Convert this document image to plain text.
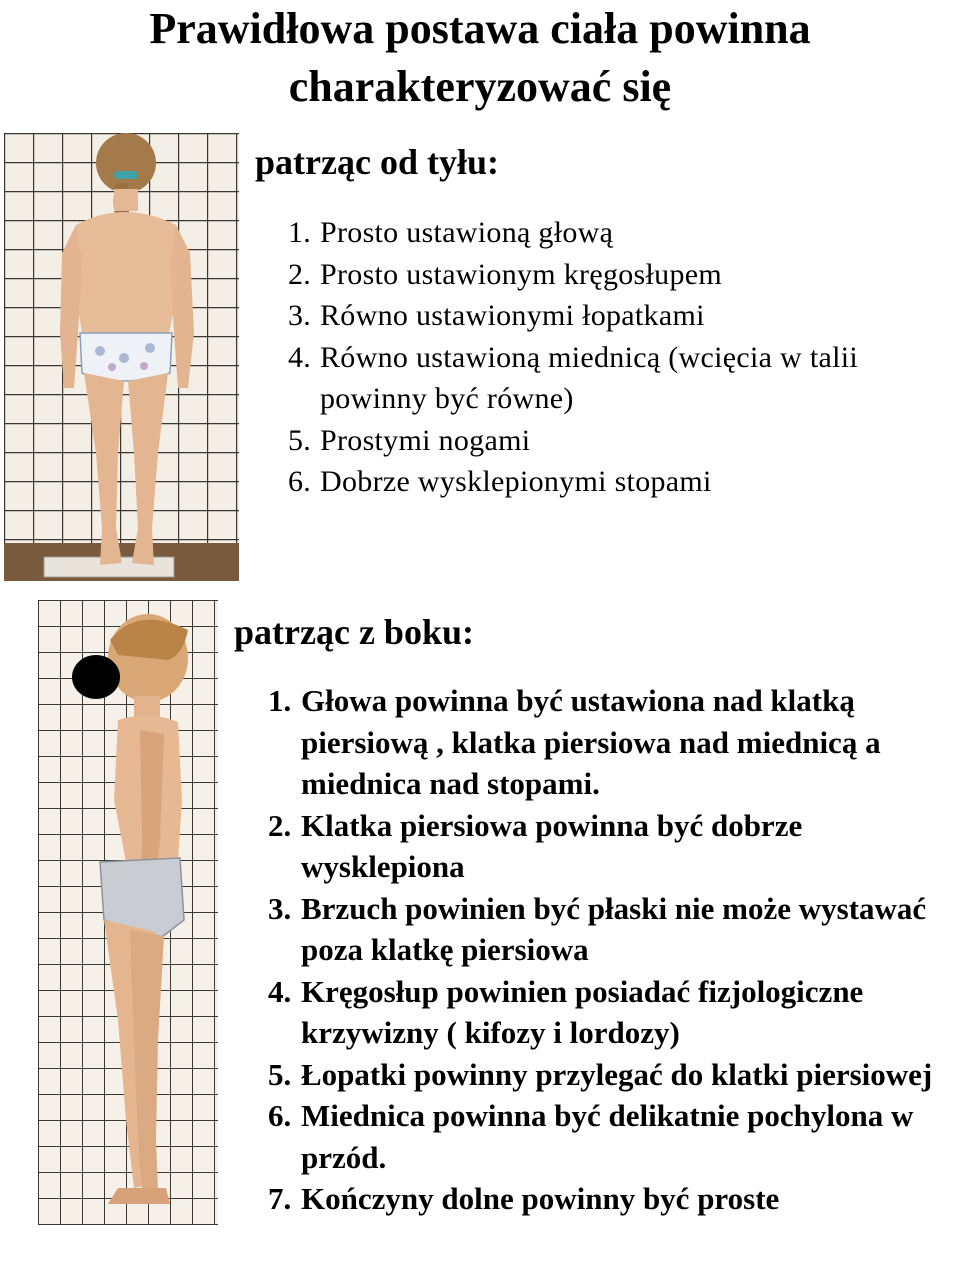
Prawidłowa postawa ciała powinna
charakteryzować się
patrząc od tyłu:
1. Prosto ustawioną głową
2. Prosto ustawionym kręgosłupem
3. Równo ustawionymi łopatkami
4. Równo ustawioną miednicą (wcięcia w talii powinny być równe)
5. Prostymi nogami
6. Dobrze wysklepionymi stopami
patrząc z boku:
1. Głowa powinna być ustawiona nad klatką piersiową , klatka piersiowa nad miednicą a miednica nad stopami.
2. Klatka piersiowa powinna być dobrze wysklepiona
3. Brzuch powinien być płaski nie może wystawać poza klatkę piersiowa
4. Kręgosłup powinien posiadać fizjologiczne krzywizny ( kifozy i lordozy)
5. Łopatki powinny przylegać do klatki piersiowej
6. Miednica powinna być delikatnie pochylona w przód.
7. Kończyny dolne powinny być proste
